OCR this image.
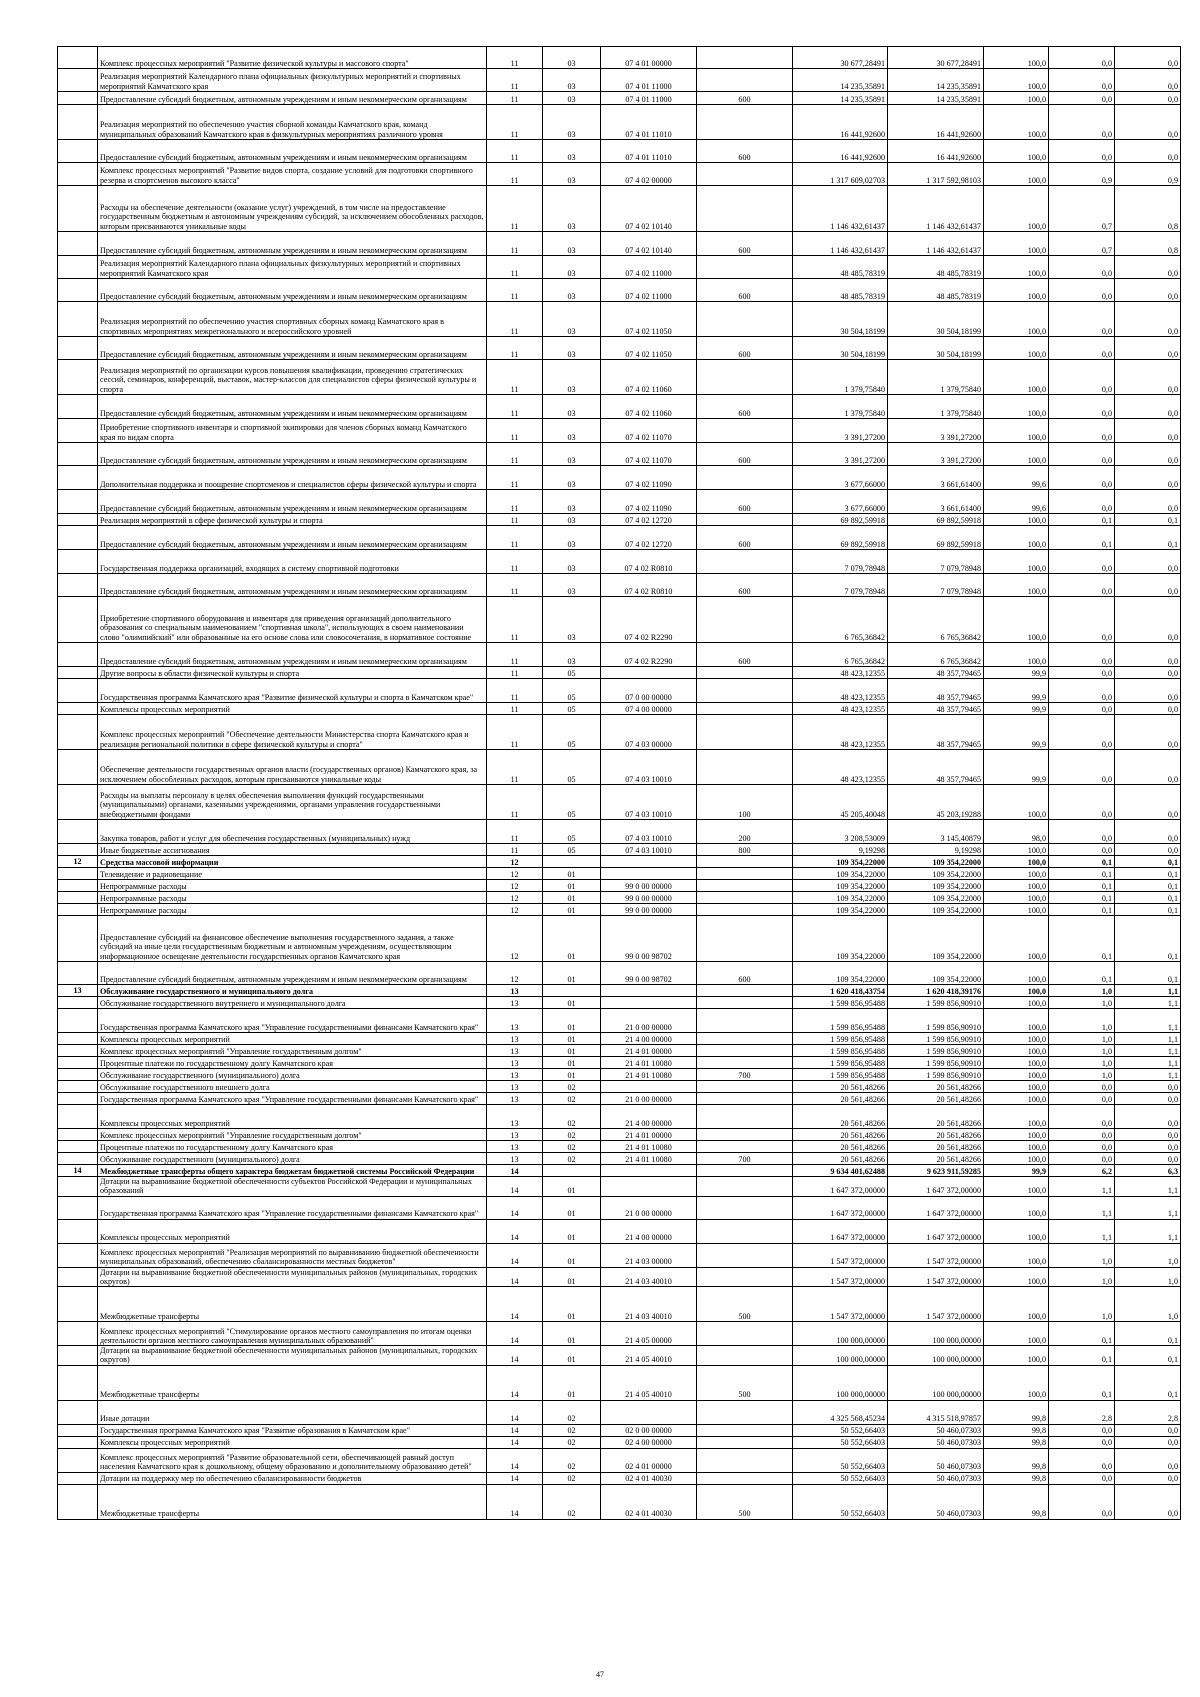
	Комплекс процессных мероприятий "Развитие физической культуры и массового спорта"	11	03	07 4 01 00000		30 677,28491	30 677,28491	100,0	0,0	0,0
	Реализация мероприятий Календарного плана официальных физкультурных мероприятий и спортивных мероприятий Камчатского края	11	03	07 4 01 11000		14 235,35891	14 235,35891	100,0	0,0	0,0
	Предоставление субсидий бюджетным, автономным учреждениям и иным некоммерческим организациям	11	03	07 4 01 11000	600	14 235,35891	14 235,35891	100,0	0,0	0,0
	Реализация мероприятий по обеспечению участия сборной команды Камчатского края, команд муниципальных образований Камчатского края в физкультурных мероприятиях различного уровня	11	03	07 4 01 11010		16 441,92600	16 441,92600	100,0	0,0	0,0
	Предоставление субсидий бюджетным, автономным учреждениям и иным некоммерческим организациям	11	03	07 4 01 11010	600	16 441,92600	16 441,92600	100,0	0,0	0,0
	Комплекс процессных мероприятий "Развитие видов спорта, создание условий для подготовки спортивного резерва и спортсменов высокого класса"	11	03	07 4 02 00000		1 317 609,02703	1 317 592,98103	100,0	0,9	0,9
	Расходы на обеспечение деятельности (оказание услуг) учреждений, в том числе на предоставление государственным бюджетным и автономным учреждениям субсидий, за исключением обособленных расходов, которым присваиваются уникальные коды	11	03	07 4 02 10140		1 146 432,61437	1 146 432,61437	100,0	0,7	0,8
	Предоставление субсидий бюджетным, автономным учреждениям и иным некоммерческим организациям	11	03	07 4 02 10140	600	1 146 432,61437	1 146 432,61437	100,0	0,7	0,8
	Реализация мероприятий Календарного плана официальных физкультурных мероприятий и спортивных мероприятий Камчатского края	11	03	07 4 02 11000		48 485,78319	48 485,78319	100,0	0,0	0,0
	Предоставление субсидий бюджетным, автономным учреждениям и иным некоммерческим организациям	11	03	07 4 02 11000	600	48 485,78319	48 485,78319	100,0	0,0	0,0
	Реализация мероприятий по обеспечению участия спортивных сборных команд Камчатского края в спортивных мероприятиях межрегионального и всероссийского уровней	11	03	07 4 02 11050		30 504,18199	30 504,18199	100,0	0,0	0,0
	Предоставление субсидий бюджетным, автономным учреждениям и иным некоммерческим организациям	11	03	07 4 02 11050	600	30 504,18199	30 504,18199	100,0	0,0	0,0
	Реализация мероприятий по организации курсов повышения квалификации, проведению стратегических сессий, семинаров, конференций, выставок, мастер-классов для специалистов сферы физической культуры и спорта	11	03	07 4 02 11060		1 379,75840	1 379,75840	100,0	0,0	0,0
	Предоставление субсидий бюджетным, автономным учреждениям и иным некоммерческим организациям	11	03	07 4 02 11060	600	1 379,75840	1 379,75840	100,0	0,0	0,0
	Приобретение спортивного инвентаря и спортивной экипировки для членов сборных команд Камчатского края по видам спорта	11	03	07 4 02 11070		3 391,27200	3 391,27200	100,0	0,0	0,0
	Предоставление субсидий бюджетным, автономным учреждениям и иным некоммерческим организациям	11	03	07 4 02 11070	600	3 391,27200	3 391,27200	100,0	0,0	0,0
	Дополнительная поддержка и поощрение спортсменов и специалистов сферы физической культуры и спорта	11	03	07 4 02 11090		3 677,66000	3 661,61400	99,6	0,0	0,0
	Предоставление субсидий бюджетным, автономным учреждениям и иным некоммерческим организациям	11	03	07 4 02 11090	600	3 677,66000	3 661,61400	99,6	0,0	0,0
	Реализация мероприятий в сфере физической культуры и спорта	11	03	07 4 02 12720		69 892,59918	69 892,59918	100,0	0,1	0,1
	Предоставление субсидий бюджетным, автономным учреждениям и иным некоммерческим организациям	11	03	07 4 02 12720	600	69 892,59918	69 892,59918	100,0	0,1	0,1
	Государственная поддержка организаций, входящих в систему спортивной подготовки	11	03	07 4 02 R0810		7 079,78948	7 079,78948	100,0	0,0	0,0
	Предоставление субсидий бюджетным, автономным учреждениям и иным некоммерческим организациям	11	03	07 4 02 R0810	600	7 079,78948	7 079,78948	100,0	0,0	0,0
	Приобретение спортивного оборудования и инвентаря для приведения организаций дополнительного образования со специальным наименованием "спортивная школа", использующих в своем наименовании слово "олимпийский" или образованные на его основе слова или словосочетания, в нормативное состояние	11	03	07 4 02 R2290		6 765,36842	6 765,36842	100,0	0,0	0,0
	Предоставление субсидий бюджетным, автономным учреждениям и иным некоммерческим организациям	11	03	07 4 02 R2290	600	6 765,36842	6 765,36842	100,0	0,0	0,0
	Другие вопросы в области физической культуры и спорта	11	05			48 423,12355	48 357,79465	99,9	0,0	0,0
	Государственная программа Камчатского края "Развитие физической культуры и спорта в Камчатском крае"	11	05	07 0 00 00000		48 423,12355	48 357,79465	99,9	0,0	0,0
	Комплексы процессных мероприятий	11	05	07 4 00 00000		48 423,12355	48 357,79465	99,9	0,0	0,0
	Комплекс процессных мероприятий "Обеспечение деятельности Министерства спорта Камчатского края и реализация региональной политики в сфере физической культуры и спорта"	11	05	07 4 03 00000		48 423,12355	48 357,79465	99,9	0,0	0,0
	Обеспечение деятельности государственных органов власти (государственных органов) Камчатского края, за исключением обособленных расходов, которым присваиваются уникальные коды	11	05	07 4 03 10010		48 423,12355	48 357,79465	99,9	0,0	0,0
	Расходы на выплаты персоналу в целях обеспечения выполнения функций государственными (муниципальными) органами, казенными учреждениями, органами управления государственными внебюджетными фондами	11	05	07 4 03 10010	100	45 205,40048	45 203,19288	100,0	0,0	0,0
	Закупка товаров, работ и услуг для обеспечения государственных (муниципальных) нужд	11	05	07 4 03 10010	200	3 208,53009	3 145,40879	98,0	0,0	0,0
	Иные бюджетные ассигнования	11	05	07 4 03 10010	800	9,19298	9,19298	100,0	0,0	0,0
12	Средства массовой информации	12				109 354,22000	109 354,22000	100,0	0,1	0,1
	Телевидение и радиовещание	12	01			109 354,22000	109 354,22000	100,0	0,1	0,1
	Непрограммные расходы	12	01	99 0 00 00000		109 354,22000	109 354,22000	100,0	0,1	0,1
	Непрограммные расходы	12	01	99 0 00 00000		109 354,22000	109 354,22000	100,0	0,1	0,1
	Непрограммные расходы	12	01	99 0 00 00000		109 354,22000	109 354,22000	100,0	0,1	0,1
	Предоставление субсидий на финансовое обеспечение выполнения государственного задания, а также субсидий на иные цели государственным бюджетным и автономным учреждениям, осуществляющим информационное освещение деятельности государственных органов Камчатского края	12	01	99 0 00 98702		109 354,22000	109 354,22000	100,0	0,1	0,1
	Предоставление субсидий бюджетным, автономным учреждениям и иным некоммерческим организациям	12	01	99 0 00 98702	600	109 354,22000	109 354,22000	100,0	0,1	0,1
13	Обслуживание государственного и муниципального долга	13				1 620 418,43754	1 620 418,39176	100,0	1,0	1,1
	Обслуживание государственного внутреннего и муниципального долга	13	01			1 599 856,95488	1 599 856,90910	100,0	1,0	1,1
	Государственная программа Камчатского края "Управление государственными финансами Камчатского края"	13	01	21 0 00 00000		1 599 856,95488	1 599 856,90910	100,0	1,0	1,1
	Комплексы процессных мероприятий	13	01	21 4 00 00000		1 599 856,95488	1 599 856,90910	100,0	1,0	1,1
	Комплекс процессных мероприятий "Управление государственным долгом"	13	01	21 4 01 00000		1 599 856,95488	1 599 856,90910	100,0	1,0	1,1
	Процентные платежи по государственному долгу Камчатского края	13	01	21 4 01 10080		1 599 856,95488	1 599 856,90910	100,0	1,0	1,1
	Обслуживание государственного (муниципального) долга	13	01	21 4 01 10080	700	1 599 856,95488	1 599 856,90910	100,0	1,0	1,1
	Обслуживание государственного внешнего долга	13	02			20 561,48266	20 561,48266	100,0	0,0	0,0
	Государственная программа Камчатского края "Управление государственными финансами Камчатского края"	13	02	21 0 00 00000		20 561,48266	20 561,48266	100,0	0,0	0,0
	Комплексы процессных мероприятий	13	02	21 4 00 00000		20 561,48266	20 561,48266	100,0	0,0	0,0
	Комплекс процессных мероприятий "Управление государственным долгом"	13	02	21 4 01 00000		20 561,48266	20 561,48266	100,0	0,0	0,0
	Процентные платежи по государственному долгу Камчатского края	13	02	21 4 01 10080		20 561,48266	20 561,48266	100,0	0,0	0,0
	Обслуживание государственного (муниципального) долга	13	02	21 4 01 10080	700	20 561,48266	20 561,48266	100,0	0,0	0,0
14	Межбюджетные трансферты общего характера бюджетам бюджетной системы Российской Федерации	14				9 634 401,62488	9 623 911,59285	99,9	6,2	6,3
	Дотации на выравнивание бюджетной обеспеченности субъектов Российской Федерации и муниципальных образований	14	01			1 647 372,00000	1 647 372,00000	100,0	1,1	1,1
	Государственная программа Камчатского края "Управление государственными финансами Камчатского края"	14	01	21 0 00 00000		1 647 372,00000	1 647 372,00000	100,0	1,1	1,1
	Комплексы процессных мероприятий	14	01	21 4 00 00000		1 647 372,00000	1 647 372,00000	100,0	1,1	1,1
	Комплекс процессных мероприятий "Реализация мероприятий по выравниванию бюджетной обеспеченности муниципальных образований, обеспечению сбалансированности местных бюджетов"	14	01	21 4 03 00000		1 547 372,00000	1 547 372,00000	100,0	1,0	1,0
	Дотации на выравнивание бюджетной обеспеченности муниципальных районов (муниципальных, городских округов)	14	01	21 4 03 40010		1 547 372,00000	1 547 372,00000	100,0	1,0	1,0
	Межбюджетные трансферты	14	01	21 4 03 40010	500	1 547 372,00000	1 547 372,00000	100,0	1,0	1,0
	Комплекс процессных мероприятий "Стимулирование органов местного самоуправления по итогам оценки деятельности органов местного самоуправления муниципальных образований"	14	01	21 4 05 00000		100 000,00000	100 000,00000	100,0	0,1	0,1
	Дотации на выравнивание бюджетной обеспеченности муниципальных районов (муниципальных, городских округов)	14	01	21 4 05 40010		100 000,00000	100 000,00000	100,0	0,1	0,1
	Межбюджетные трансферты	14	01	21 4 05 40010	500	100 000,00000	100 000,00000	100,0	0,1	0,1
	Иные дотации	14	02			4 325 568,45234	4 315 518,97857	99,8	2,8	2,8
	Государственная программа Камчатского края "Развитие образования в Камчатском крае"	14	02	02 0 00 00000		50 552,66403	50 460,07303	99,8	0,0	0,0
	Комплексы процессных мероприятий	14	02	02 4 00 00000		50 552,66403	50 460,07303	99,8	0,0	0,0
	Комплекс процессных мероприятий "Развитие образовательной сети, обеспечивающей равный доступ населения Камчатского края к дошкольному, общему образованию и дополнительному образованию детей"	14	02	02 4 01 00000		50 552,66403	50 460,07303	99,8	0,0	0,0
	Дотации на поддержку мер по обеспечению сбалансированности бюджетов	14	02	02 4 01 40030		50 552,66403	50 460,07303	99,8	0,0	0,0
	Межбюджетные трансферты	14	02	02 4 01 40030	500	50 552,66403	50 460,07303	99,8	0,0	0,0
47
